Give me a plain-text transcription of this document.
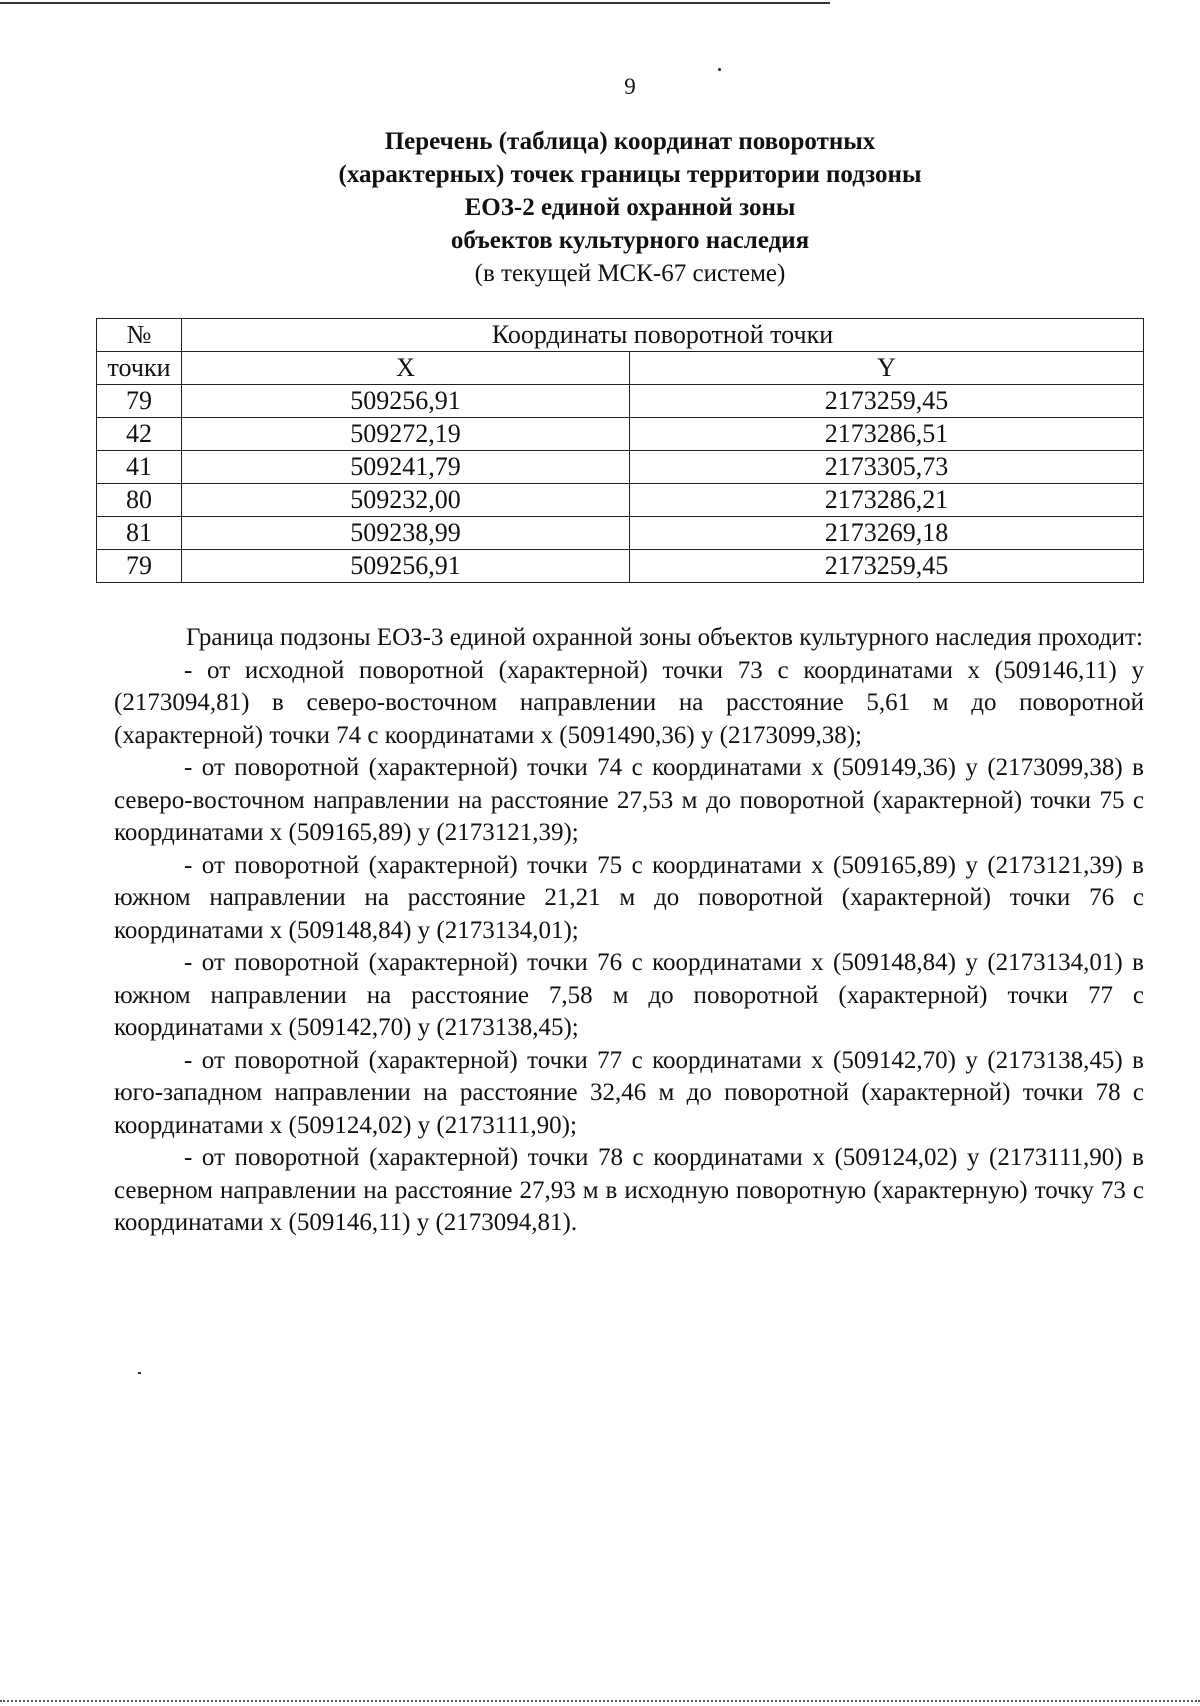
9
Перечень (таблица) координат поворотных
(характерных) точек границы территории подзоны
ЕОЗ-2 единой охранной зоны
объектов культурного наследия
(в текущей МСК-67 системе)
№	Координаты поворотной точки	
точки	X	Y
79	509256,91	2173259,45
42	509272,19	2173286,51
41	509241,79	2173305,73
80	509232,00	2173286,21
81	509238,99	2173269,18
79	509256,91	2173259,45

Граница подзоны ЕОЗ-3 единой охранной зоны объектов культурного наследия проходит:

- от исходной поворотной (характерной) точки 73 с координатами x (509146,11) y (2173094,81) в северо-восточном направлении на расстояние 5,61 м до поворотной (характерной) точки 74 с координатами x (5091490,36) y (2173099,38);

- от поворотной (характерной) точки 74 с координатами x (509149,36) y (2173099,38) в северо-восточном направлении на расстояние 27,53 м до поворотной (характерной) точки 75 с координатами x (509165,89) y (2173121,39);

- от поворотной (характерной) точки 75 с координатами x (509165,89) y (2173121,39) в южном направлении на расстояние 21,21 м до поворотной (характерной) точки 76 с координатами x (509148,84) y (2173134,01);

- от поворотной (характерной) точки 76 с координатами x (509148,84) y (2173134,01) в южном направлении на расстояние 7,58 м до поворотной (характерной) точки 77 с координатами x (509142,70) y (2173138,45);

- от поворотной (характерной) точки 77 с координатами x (509142,70) y (2173138,45) в юго-западном направлении на расстояние 32,46 м до поворотной (характерной) точки 78 с координатами x (509124,02) y (2173111,90);

- от поворотной (характерной) точки 78 с координатами x (509124,02) y (2173111,90) в северном направлении на расстояние 27,93 м в исходную поворотную (характерную) точку 73 с координатами x (509146,11) y (2173094,81).
